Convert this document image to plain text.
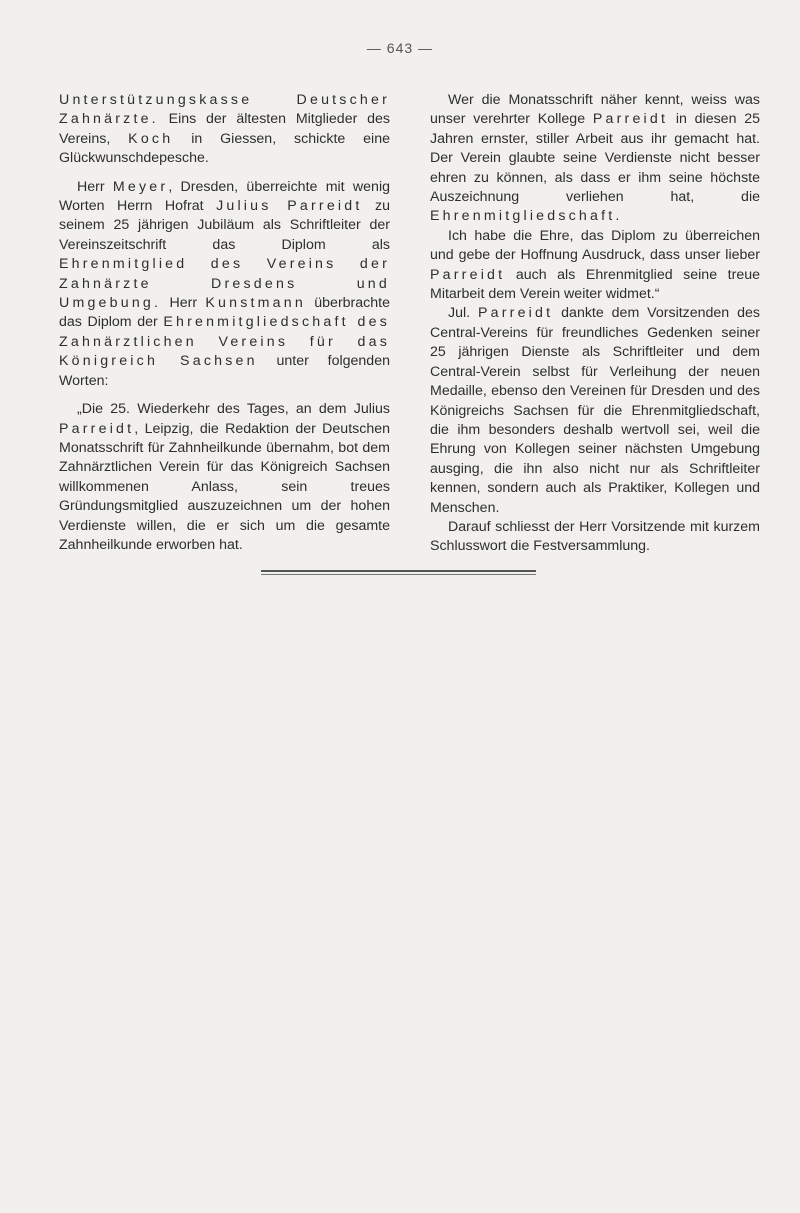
— 643 —

Unterstützungskasse Deutscher Zahnärzte. Eins der ältesten Mitglieder des Vereins, Koch in Giessen, schickte eine Glückwunschdepesche.

Herr Meyer, Dresden, überreichte mit wenig Worten Herrn Hofrat Julius Parreidt zu seinem 25 jährigen Jubiläum als Schriftleiter der Vereinszeitschrift das Diplom als Ehrenmitglied des Vereins der Zahnärzte Dresdens und Umgebung. Herr Kunstmann überbrachte das Diplom der Ehrenmitgliedschaft des Zahnärztlichen Vereins für das Königreich Sachsen unter folgenden Worten:

„Die 25. Wiederkehr des Tages, an dem Julius Parreidt, Leipzig, die Redaktion der Deutschen Monatsschrift für Zahnheilkunde übernahm, bot dem Zahnärztlichen Verein für das Königreich Sachsen willkommenen Anlass, sein treues Gründungsmitglied auszuzeichnen um der hohen Verdienste willen, die er sich um die gesamte Zahnheilkunde erworben hat.

Wer die Monatsschrift näher kennt, weiss was unser verehrter Kollege Parreidt in diesen 25 Jahren ernster, stiller Arbeit aus ihr gemacht hat. Der Verein glaubte seine Verdienste nicht besser ehren zu können, als dass er ihm seine höchste Auszeichnung verliehen hat, die Ehrenmitgliedschaft.

Ich habe die Ehre, das Diplom zu überreichen und gebe der Hoffnung Ausdruck, dass unser lieber Parreidt auch als Ehrenmitglied seine treue Mitarbeit dem Verein weiter widmet.“

Jul. Parreidt dankte dem Vorsitzenden des Central-Vereins für freundliches Gedenken seiner 25 jährigen Dienste als Schriftleiter und dem Central-Verein selbst für Verleihung der neuen Medaille, ebenso den Vereinen für Dresden und des Königreichs Sachsen für die Ehrenmitgliedschaft, die ihm besonders deshalb wertvoll sei, weil die Ehrung von Kollegen seiner nächsten Umgebung ausging, die ihn also nicht nur als Schriftleiter kennen, sondern auch als Praktiker, Kollegen und Menschen.

Darauf schliesst der Herr Vorsitzende mit kurzem Schlusswort die Festversammlung.
